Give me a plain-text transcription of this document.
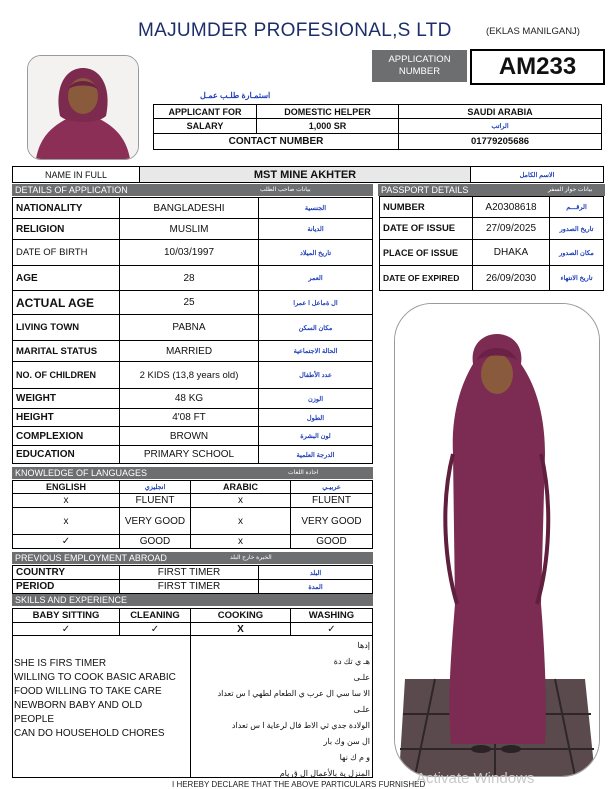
MAJUMDER PROFESIONAL,S LTD	(EKLAS MANILGANJ)
APPLICATION
NUMBER	AM233
استمـارة طلـب عمـل
APPLICANT FOR	DOMESTIC HELPER	SAUDI ARABIA
SALARY	1,000 SR	الراتب
CONTACT NUMBER		01779205686
NAME IN FULL	MST MINE AKHTER	الاسم الكامل
DETAILS OF APPLICATION	بيانات صاحب الطلب
NATIONALITY	BANGLADESHI	الجنسية
RELIGION	MUSLIM	الديانة
DATE OF BIRTH	10/03/1997	تاريخ الميلاد
AGE	28	العمر
ACTUAL AGE	25	ال ةماعل ا عمرا
LIVING TOWN	PABNA	مكان السكن
MARITAL STATUS	MARRIED	الحالة الاجتماعية
NO. OF CHILDREN	2 KIDS (13,8 years old)	عدد الأطفال
WEIGHT	48 KG	الوزن
HEIGHT	4'08 FT	الطول
COMPLEXION	BROWN	لون البشرة
EDUCATION	PRIMARY SCHOOL	الدرجة العلمية
PASSPORT DETAILS	بيانات جواز السفر
NUMBER	A20308618	الرقـــم
DATE OF ISSUE	27/09/2025	تاريخ الصدور
PLACE OF ISSUE	DHAKA	مكان الصدور
DATE OF EXPIRED	26/09/2030	تاريخ الانتهاء
KNOWLEDGE OF LANGUAGES	اجادة اللغات
ENGLISH	انجليزي	ARABIC	عربيـي
x	FLUENT	x	FLUENT
x	VERY GOOD	x	VERY GOOD
✓	GOOD	x	GOOD
PREVIOUS EMPLOYMENT ABROAD	الخبرة خارج البلد
COUNTRY	FIRST TIMER	البلد
PERIOD	FIRST TIMER	المدة
SKILLS AND EXPERIENCE
BABY SITTING	CLEANING	COOKING	WASHING
✓	✓	X	✓

SHE IS FIRS TIMER
WILLING TO COOK BASIC ARABIC
FOOD WILLING TO TAKE CARE
NEWBORN BABY AND OLD
PEOPLE
CAN DO HOUSEHOLD CHORES
إدها
هـ ي تك دة
علـى
الا سا سي ال عرب ي الطعام لطهي ا س تعداد
علـى
الولادة جدي ثي الاط فال لرعاية ا س تعداد
ال سن وك بار
و م ك نها
المنزل ية بالأعمال ال ق يام
I HEREBY DECLARE THAT THE ABOVE PARTICULARS FURNISHED
Activate Windows
